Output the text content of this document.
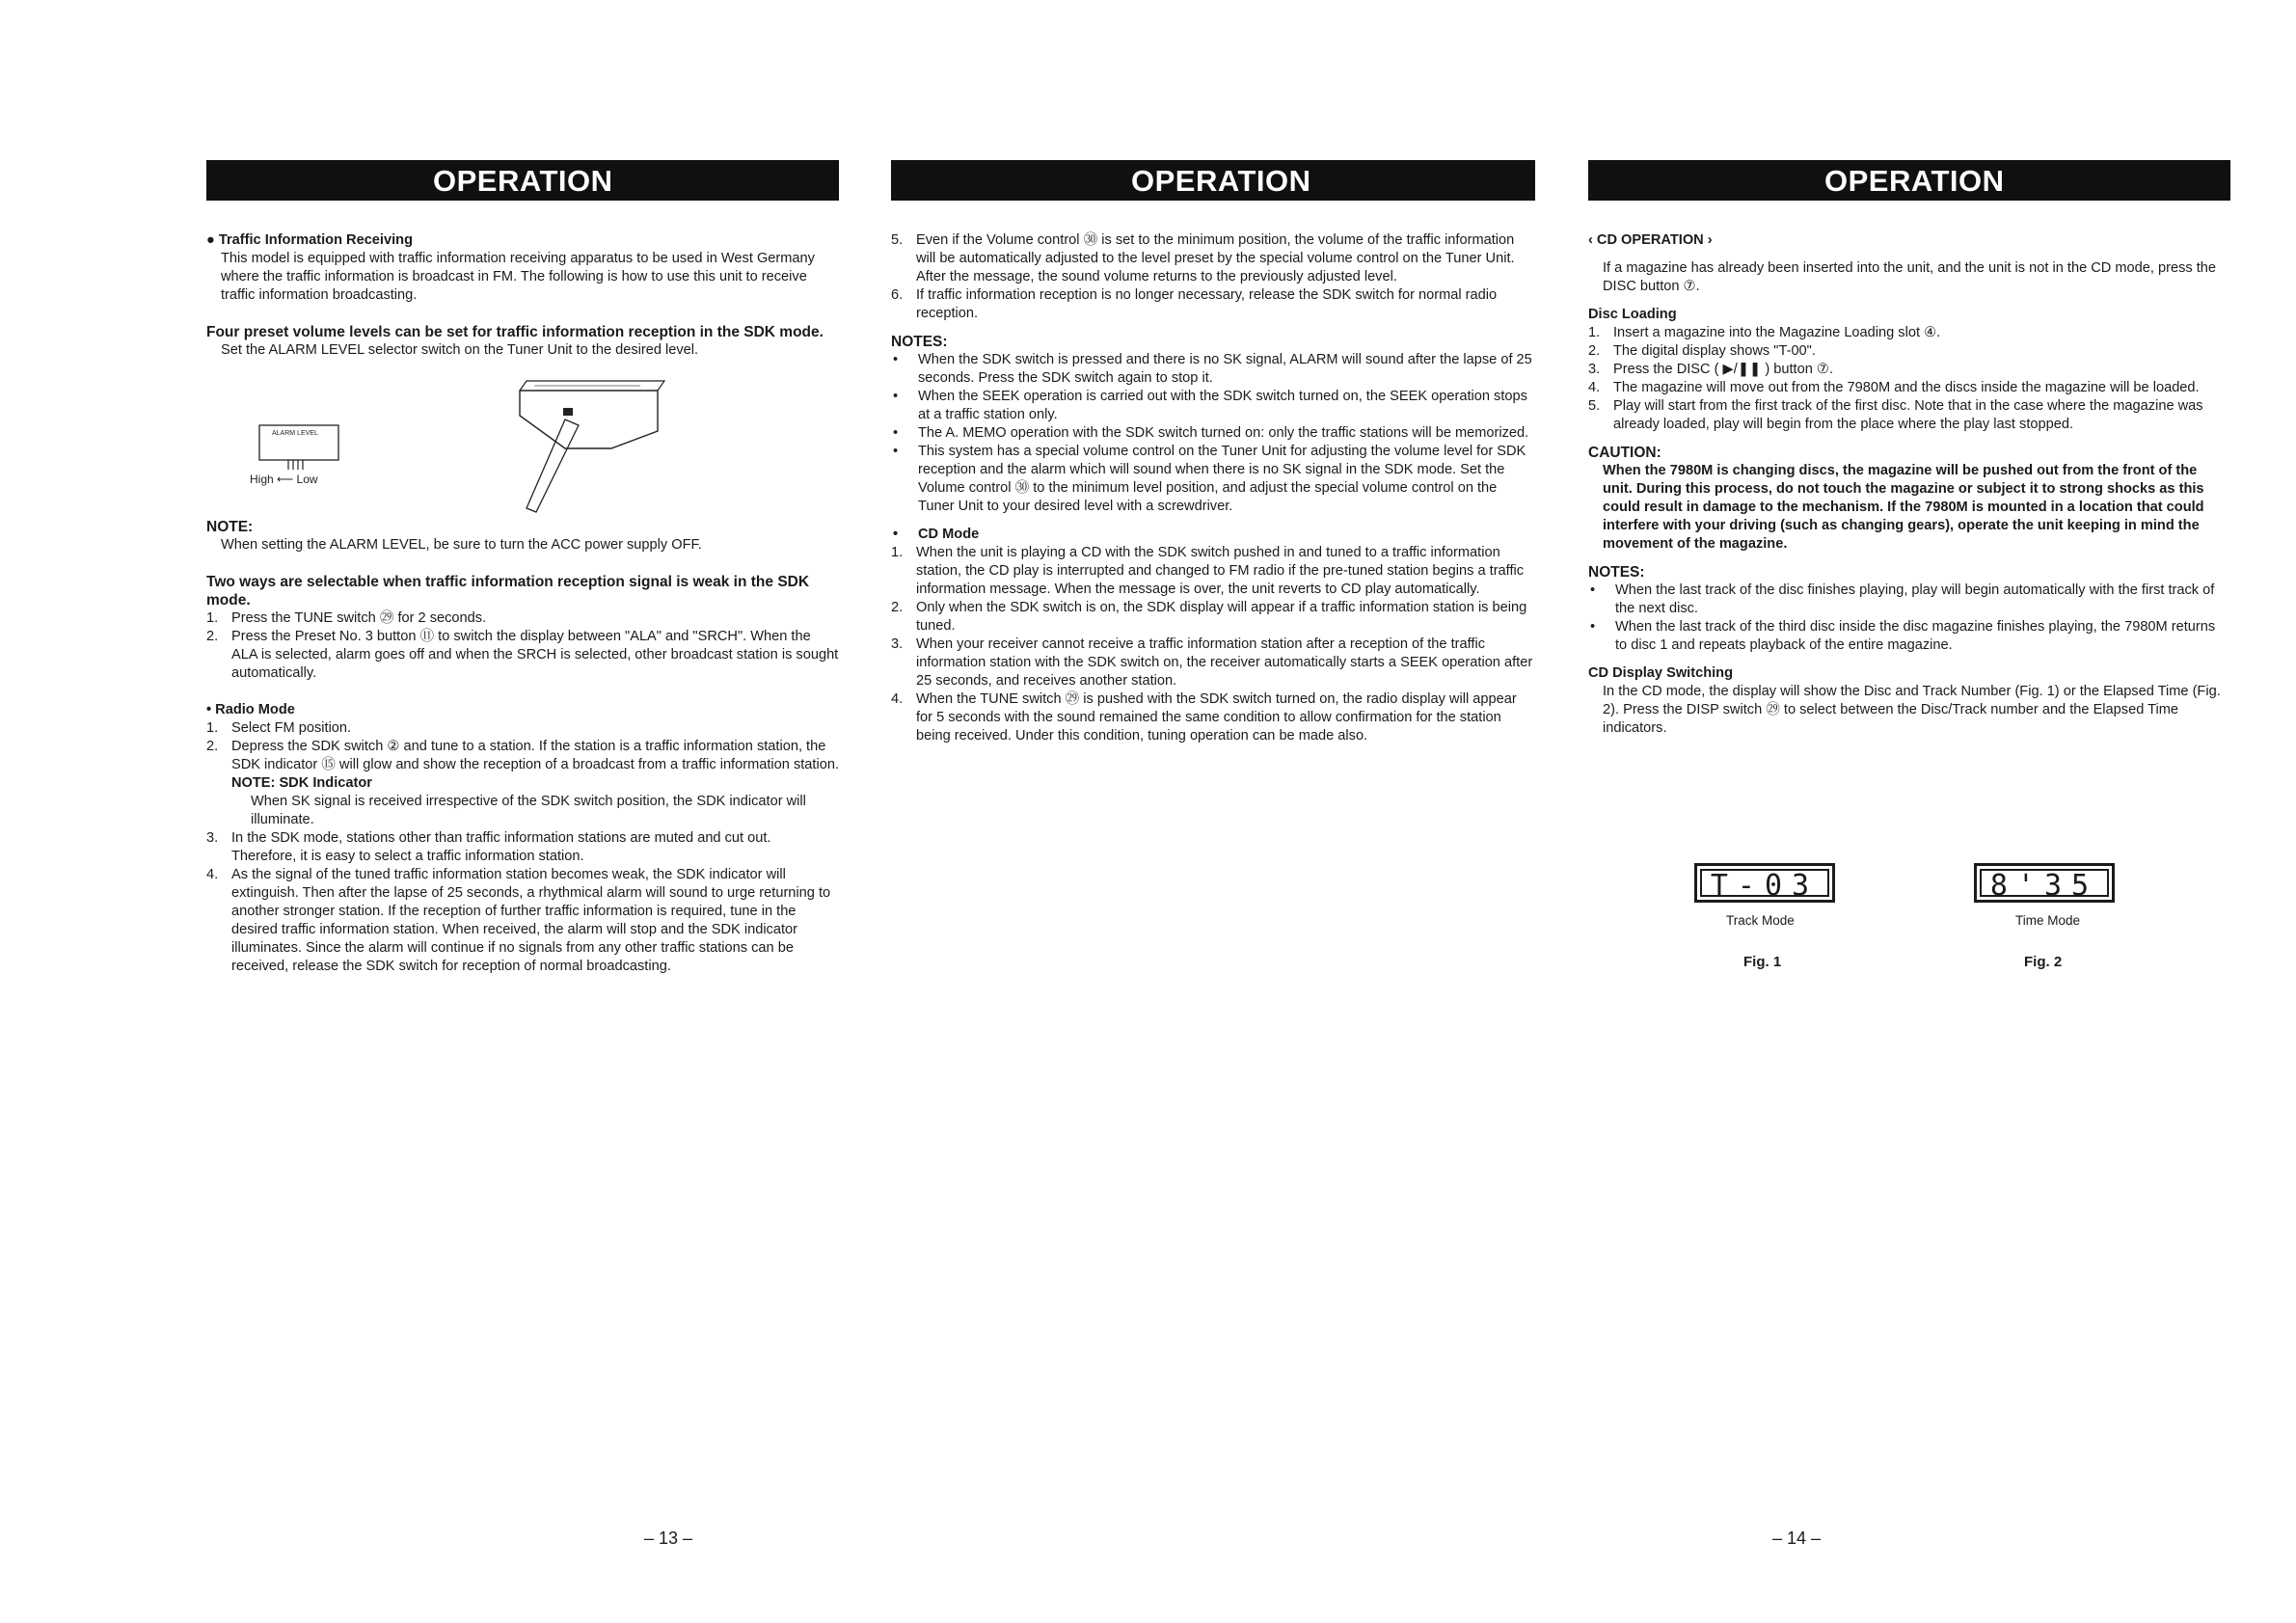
OPERATION

● Traffic Information Receiving

This model is equipped with traffic information receiving apparatus to be used in West Germany where the traffic information is broadcast in FM. The following is how to use this unit to receive traffic information broadcasting.

Four preset volume levels can be set for traffic information reception in the SDK mode.

Set the ALARM LEVEL selector switch on the Tuner Unit to the desired level.

ALARM LEVEL
High ⟵ Low

NOTE:

When setting the ALARM LEVEL, be sure to turn the ACC power supply OFF.

Two ways are selectable when traffic information reception signal is weak in the SDK mode.

1. Press the TUNE switch ㉙ for 2 seconds.
2. Press the Preset No. 3 button ⑪ to switch the display between "ALA" and "SRCH". When the ALA is selected, alarm goes off and when the SRCH is selected, other broadcast station is sought automatically.

• Radio Mode

1. Select FM position.
2. Depress the SDK switch ② and tune to a station. If the station is a traffic information station, the SDK indicator ⑮ will glow and show the reception of a broadcast from a traffic information station.
NOTE: SDK Indicator
When SK signal is received irrespective of the SDK switch position, the SDK indicator will illuminate.
3. In the SDK mode, stations other than traffic information stations are muted and cut out. Therefore, it is easy to select a traffic information station.
4. As the signal of the tuned traffic information station becomes weak, the SDK indicator will extinguish. Then after the lapse of 25 seconds, a rhythmical alarm will sound to urge returning to another stronger station. If the reception of further traffic information is required, tune in the desired traffic information station. When received, the alarm will stop and the SDK indicator illuminates. Since the alarm will continue if no signals from any other traffic stations can be received, release the SDK switch for reception of normal broadcasting.
– 13 –
OPERATION
5. Even if the Volume control ㉚ is set to the minimum position, the volume of the traffic information will be automatically adjusted to the level preset by the special volume control on the Tuner Unit. After the message, the sound volume returns to the previously adjusted level.
6. If traffic information reception is no longer necessary, release the SDK switch for normal radio reception.

NOTES:

• When the SDK switch is pressed and there is no SK signal, ALARM will sound after the lapse of 25 seconds. Press the SDK switch again to stop it.
• When the SEEK operation is carried out with the SDK switch turned on, the SEEK operation stops at a traffic station only.
• The A. MEMO operation with the SDK switch turned on: only the traffic stations will be memorized.
• This system has a special volume control on the Tuner Unit for adjusting the volume level for SDK reception and the alarm which will sound when there is no SK signal in the SDK mode. Set the Volume control ㉚ to the minimum level position, and adjust the special volume control on the Tuner Unit to your desired level with a screwdriver.
• CD Mode
1. When the unit is playing a CD with the SDK switch pushed in and tuned to a traffic information station, the CD play is interrupted and changed to FM radio if the pre-tuned station begins a traffic information message. When the message is over, the unit reverts to CD play automatically.
2. Only when the SDK switch is on, the SDK display will appear if a traffic information station is being tuned.
3. When your receiver cannot receive a traffic information station after a reception of the traffic information station with the SDK switch on, the receiver automatically starts a SEEK operation after 25 seconds, and receives another station.
4. When the TUNE switch ㉙ is pushed with the SDK switch turned on, the radio display will appear for 5 seconds with the sound remained the same condition to allow confirmation for the station being received. Under this condition, tuning operation can be made also.
OPERATION

‹ CD OPERATION ›

If a magazine has already been inserted into the unit, and the unit is not in the CD mode, press the DISC button ⑦.

Disc Loading

1. Insert a magazine into the Magazine Loading slot ④.
2. The digital display shows "T-00".
3. Press the DISC ( ▶/❚❚ ) button ⑦.
4. The magazine will move out from the 7980M and the discs inside the magazine will be loaded.
5. Play will start from the first track of the first disc. Note that in the case where the magazine was already loaded, play will begin from the place where the play last stopped.

CAUTION:

When the 7980M is changing discs, the magazine will be pushed out from the front of the unit. During this process, do not touch the magazine or subject it to strong shocks as this could result in damage to the mechanism. If the 7980M is mounted in a location that could interfere with your driving (such as changing gears), operate the unit keeping in mind the movement of the magazine.

NOTES:

• When the last track of the disc finishes playing, play will begin automatically with the first track of the next disc.
• When the last track of the third disc inside the disc magazine finishes playing, the 7980M returns to disc 1 and repeats playback of the entire magazine.

CD Display Switching

In the CD mode, the display will show the Disc and Track Number (Fig. 1) or the Elapsed Time (Fig. 2). Press the DISP switch ㉙ to select between the Disc/Track number and the Elapsed Time indicators.

T-03
Track Mode
Fig. 1
8'35
Time Mode
Fig. 2
– 14 –
